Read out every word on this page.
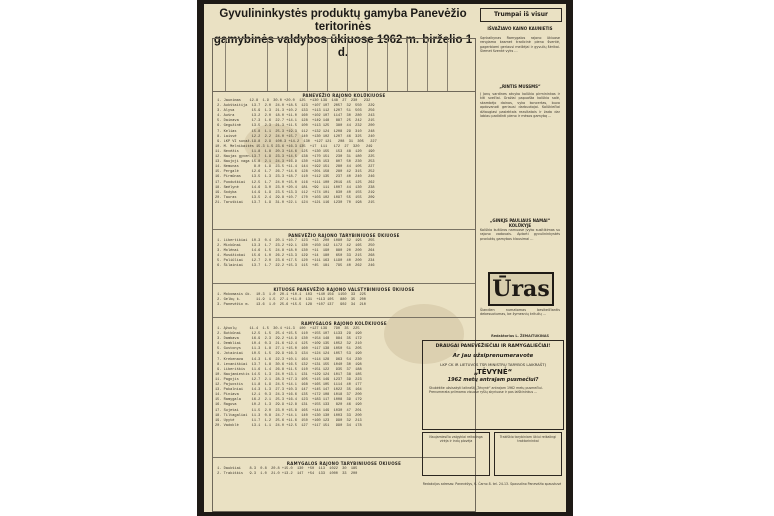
Gyvulininkystės produktų gamyba Panevėžio teritorinės
gamybinės valdybos ūkiuose 1962 m. birželio 1 d.
PANEVĖŽIO RAJONO KOLŪKIUOSE
1. Jaunimas    12.8  1.9  30.0 +20.0  125  +130 139  148  27  230   232
2. Aukštaitija  13.7  2.0  24.0 +18.5  123  +107 107  2057  32  550   229
3. Alyva        15.9  1.3  21.3 +10.2  133  +113 112  1207  51  503   256
4. Aušra        13.2  2.0  18.0 +11.0  160  +102 107  1147  30  280   243
5. Dainava      17.3  1.6  22.7 +14.1  128  +149 148   887  25  242   215
6. Gegužinė     13.5  2.3  21.3 +11.5  100  +113 125   380  44  232   200
7. Kelias       15.8  1.1  25.3 +19.3  112  +132 124  1208  29  310   248
8. Laisvė       12.2  2.2  24.0 +15.7  140  +130 102  1207  46  325   240
9. LKP VI suvaž.19.8  2.9  100.3 +14.2  130  +127 121   208  31  305   227
10. M. Melnikaitės 15.3 1.5 23.6 +16.3 135  +17  111   172  27  320   249
11. Nevėžis      11.8  1.8  20.3 +14.6  125  +130 155   153  48  120   190
12. Naujas gyven.13.7  1.9  23.3 +14.5  138  +170 151   230  31  180   225
13. Naujoji vaga 15.8  2.1  24.3 +16.9  130  +128 153   807  50  230   253
14. Nemunas       8.0  1.9  23.5 +11.4  144  +192 151   280  44  105   227
15. Pergalė      12.6  1.7  26.7 +14.6  128  +201 158   280  42  315   252
16. Pirmūnas     13.5  1.3  23.3 +18.7  110  +112 135   237  40  240   246
17. Puoduškiai   12.5  1.7  24.0 +15.0  116  +111 100  2019  45  125   262
18. Smėlynė      14.6  3.0  23.0 +20.4  181  +99  111  1007  44  130   238
19. Sodyba       14.9  1.9  23.5 +13.3  112  +174 101   830  40  155   219
20. Tauras       13.5  2.4  29.8 +10.7  170  +103 102  1097  55  155   209
21. Taruškiai    13.7  1.9  31.0 +22.1  124  +121 116  1230  70  198   215
PANEVĖŽIO RAJONO TARYBINIUOSE ŪKIUOSE
1. Libertikiai  10.3  0.4  20.1 +10.7  123  +13  200  1080  32  195   255
2. Mickūnai     13.3  1.7  23.2 +19.1  130  +150 142  1172  42  165   250
3. Molėnai      14.6  1.5  24.8 +18.0  130  +11  190   880  20  200   264
4. Musdžiokai   15.6  1.0  26.2 +13.3  129  +14  180   650  33  215   268
5. Paliūliai    12.7  2.0  23.6 +17.5  120  +111 163  1190  40  200   234
6. Šilainiai    13.7  1.7  22.2 +15.3  115  +45  181   795  40  262   246
KITUOSE PANEVĖŽIO RAJONO VALSTYBINIUOSE ŪKIUOSE
1. Mokomasis ūk.  10.3  1.0  20.1 +10.1  103  +140 156  1150  33  225
2. Gelbų k.       11.9  1.5  27.1 +11.0  131  +113 105   880  35  200
3. Panevėžio m.   13.6  1.0  25.6 +15.5  128  +107 137   902  34  210
RAMYGALOS RAJONO KOLŪKIUOSE
1. Ąžuolų      11.4  1.5  30.4 +11.3  100  +127 139   790  35  225
2. Butkūnai     12.5  1.5  25.4 +15.5  110  +155 107  1133  29  190
3. Dambava      16.9  2.3  29.2 +14.9  130  +154 148   884  35  172
4. Dembliai     10.4  0.3  21.6 +12.4  125  +109 135  1052  32  210
5. Gustonys     11.3  1.8  27.1 +15.0  160  +117 138  1050  51  205
6. Jotainiai    10.5  1.5  29.9 +16.3  134  +124 124  1057  53  190
7. Krekenava    14.3  1.6  22.3 +10.1  164  +114 128   963  54  230
8. Levaniškiai  13.7  1.8  30.6 +16.5  132  +131 155  1040  30  198
9. Liberiškis   11.6  1.4  26.8 +11.5  110  +151 122   935  37  188
10. Naujamiestis 14.5  1.3  24.0 +13.1  131  +129 124  1017  38  185
11. Pagojis      12.7  2.1  28.3 +17.3  105  +115 149  1237  39  223
12. Pajuostis    11.8  1.9  24.5 +14.1  168  +165 105  1114  40  177
13. Pakalniai    14.3  1.3  27.3 +10.3  147  +145 147  1022  35  164
14. Piniava      12.1  0.3  24.3 +16.6  135  +172 108  1018  37  200
15. Ramygala     16.2  2.1  25.3 +16.4  123  +183 117  1008  39  179
16. Raguva       10.2  1.3  29.9 +12.8  131  +155 133   820  46  190
17. Sujetai      11.5  2.0  23.0 +15.8  165  +144 149  1030  47  201
18. Tiltagaliai  11.3  0.8  24.7 +14.1  140  +130 130  1003  33  200
19. Upytė        11.7  1.2  25.6 +11.6  150  +160 123   990  32  213
20. Vadoklė      13.1  1.1  24.0 +12.5  127  +117 151   990  34  178
RAMYGALOS RAJONO TARYBINIUOSE ŪKIUOSE
1. Daukšiai    8.3  0.8  20.8 +15.0  130  +50  113  1022  30  185
2. Trakiškis   9.3  1.0  21.0 +13.2  147  +54  133  1000  33  200
Trumpai iš visur
IŠVAŽIAVO KAINO KAUNIETIS
Sąnkaikynas Ramygalos rajono ūkiuose rengiama kasmet tradicinė pieno šventė, pagerbiami geriausi melžėjai ir gyvulių šėrikai. Šiemet šventė vyks ...
„RINTIS MUSSMS“
Į Jonų vardines atvyko kolūkio pirmininkas ir kiti svečiai. Gražiai papuošta kolūkio salė, skambėjo dainos, vyko koncertas, buvo apdovanoti geriausi darbuotojai. Kolūkiečiai džiaugiasi pasiektais rezultatais ir žada dar labiau padidinti pieno ir mėsos gamybą ...
„GINKJS PAULIAUS NAMAI“ KOLŪKYJE
Kolūkio kultūros namuose įvyko susitikimas su rajono vadovais. Aptarti gyvulininkystės produktų gamybos klausimai ...
Ūras
Šiandien numatomas besikeičiantis debesuotumas, be žymesnių kritulių ...
Redaktorius L. ŽEMAITUKINAS
DRAUGAI PANEVĖŽIEČIAI IR RAMYGALIEČIAI!
Ar jau užsiprenumeravote
LKP CK IR LIETUVOS TSR MINISTRŲ TARYBOS LAIKRAŠTĮ
„TĖVYNĖ“
1962 metų antrajam pusmečiui?
Skubėkite užsisakyti laikraštį „Tėvynė“ antrajam 1962 metų pusmečiui. Prenumerata priimama visuose ryšių skyriuose ir pas laiškininkus ...
Naujamiesčio valgyklai reikalinga virėja ir indų plovėja
Trakiškio tarybiniam ūkiui reikalingi traktorininkai
Redakcijos adresas: Panevėžys, K. Čarno 8. tel. 24-13. Spausdino Panevėžio spaustuvė
